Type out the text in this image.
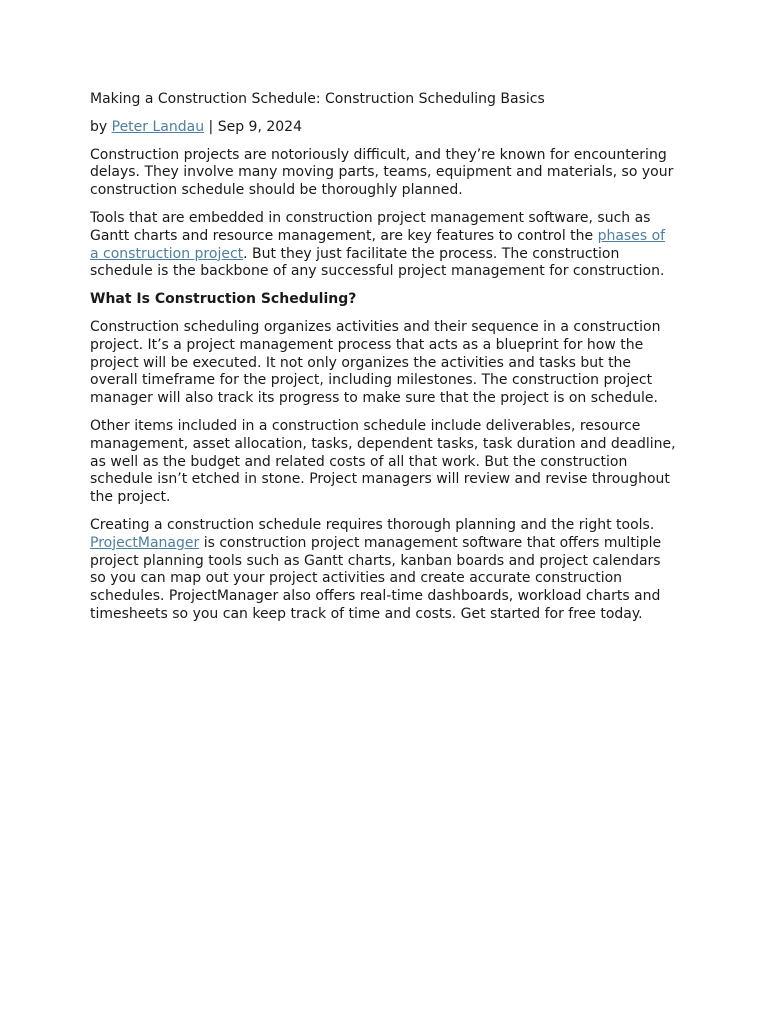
Making a Construction Schedule: Construction Scheduling Basics
by Peter Landau | Sep 9, 2024

Construction projects are notoriously difficult, and they’re known for encountering delays. They involve many moving parts, teams, equipment and materials, so your construction schedule should be thoroughly planned.

Tools that are embedded in construction project management software, such as Gantt charts and resource management, are key features to control the phases of a construction project. But they just facilitate the process. The construction schedule is the backbone of any successful project management for construction.

What Is Construction Scheduling?

Construction scheduling organizes activities and their sequence in a construction project. It’s a project management process that acts as a blueprint for how the project will be executed. It not only organizes the activities and tasks but the overall timeframe for the project, including milestones. The construction project manager will also track its progress to make sure that the project is on schedule.

Other items included in a construction schedule include deliverables, resource management, asset allocation, tasks, dependent tasks, task duration and deadline, as well as the budget and related costs of all that work. But the construction schedule isn’t etched in stone. Project managers will review and revise throughout the project.

Creating a construction schedule requires thorough planning and the right tools. ProjectManager is construction project management software that offers multiple project planning tools such as Gantt charts, kanban boards and project calendars so you can map out your project activities and create accurate construction schedules. ProjectManager also offers real-time dashboards, workload charts and timesheets so you can keep track of time and costs. Get started for free today.
